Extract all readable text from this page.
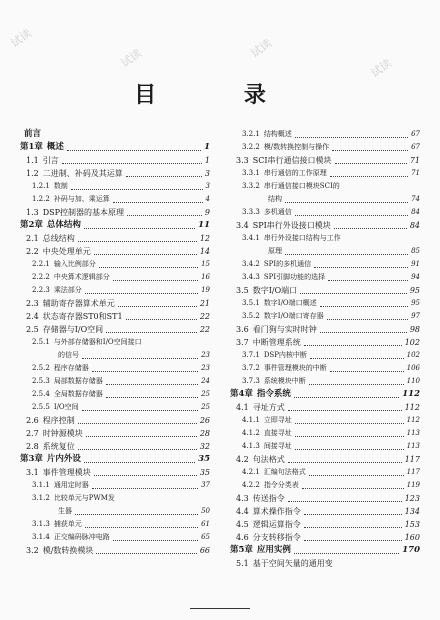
试读
试读	试读
试读
目 录
前言
第1章 概述	1
1.1 引言	1
1.2 二进制、补码及其运算	3
1.2.1 数制	3
1.2.2 补码与加、乘运算	4
1.3 DSP控制器的基本原理	9
第2章 总体结构	11
2.1 总线结构	12
2.2 中央处理单元	14
2.2.1 输入比例部分	15
2.2.2 中央算术逻辑部分	16
2.2.3 乘法部分	19
2.3 辅助寄存器算术单元	21
2.4 状态寄存器ST0和ST1	22
2.5 存储器与I/O空间	22
2.5.1 与外部存储器和I/O空间接口
的信号	23
2.5.2 程序存储器	23
2.5.3 局部数据存储器	24
2.5.4 全局数据存储器	25
2.5.5 I/O空间	25
2.6 程序控制	26
2.7 时钟源模块	28
2.8 系统复位	32
第3章 片内外设	35
3.1 事件管理模块	35
3.1.1 通用定时器	37
3.1.2 比较单元与PWM发
生器	50
3.1.3 捕获单元	61
3.1.4 正交编码脉冲电路	65
3.2 模/数转换模块	66
3.2.1 结构概述	67
3.2.2 模/数转换控制与操作	67
3.3 SCI串行通信接口模块	71
3.3.1 串行通信的工作原理	71
3.3.2 串行通信接口模块SCI的
结构	74
3.3.3 多机通信	84
3.4 SPI串行外设接口模块	84
3.4.1 串行外设接口结构与工作
原理	85
3.4.2 SPI的多机通信	91
3.4.3 SPI引脚功能的选择	94
3.5 数字I/O端口	95
3.5.1 数字I/O端口概述	95
3.5.2 数字I/O端口寄存器	97
3.6 看门狗与实时时钟	98
3.7 中断管理系统	102
3.7.1 DSP内核中断	102
3.7.2 事件管理模块的中断	106
3.7.3 系统模块中断	110
第4章 指令系统	112
4.1 寻址方式	112
4.1.1 立即寻址	112
4.1.2 直接寻址	113
4.1.3 间接寻址	113
4.2 句法格式	117
4.2.1 汇编句法格式	117
4.2.2 指令分类表	119
4.3 传送指令	123
4.4 算术操作指令	134
4.5 逻辑运算指令	153
4.6 分支转移指令	160
第5章 应用实例	170
5.1 基于空间矢量的通用变
